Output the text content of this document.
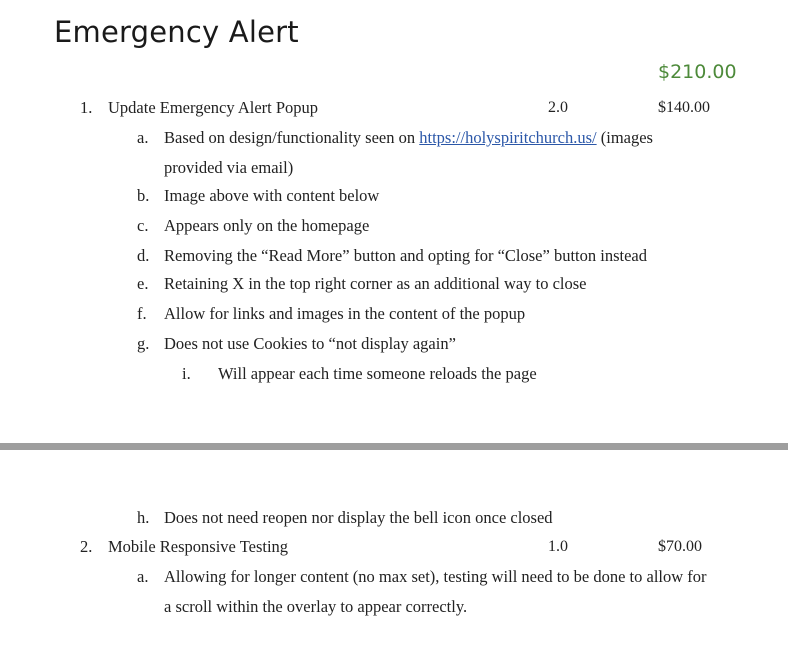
Emergency Alert
$210.00
1. Update Emergency Alert Popup	2.0	$140.00
a. Based on design/functionality seen on https://holyspiritchurch.us/ (images
provided via email)
b. Image above with content below
c. Appears only on the homepage
d. Removing the “Read More” button and opting for “Close” button instead
e. Retaining X in the top right corner as an additional way to close
f. Allow for links and images in the content of the popup
g. Does not use Cookies to “not display again”
i. Will appear each time someone reloads the page
h. Does not need reopen nor display the bell icon once closed
2. Mobile Responsive Testing	1.0	$70.00
a. Allowing for longer content (no max set), testing will need to be done to allow for
a scroll within the overlay to appear correctly.
